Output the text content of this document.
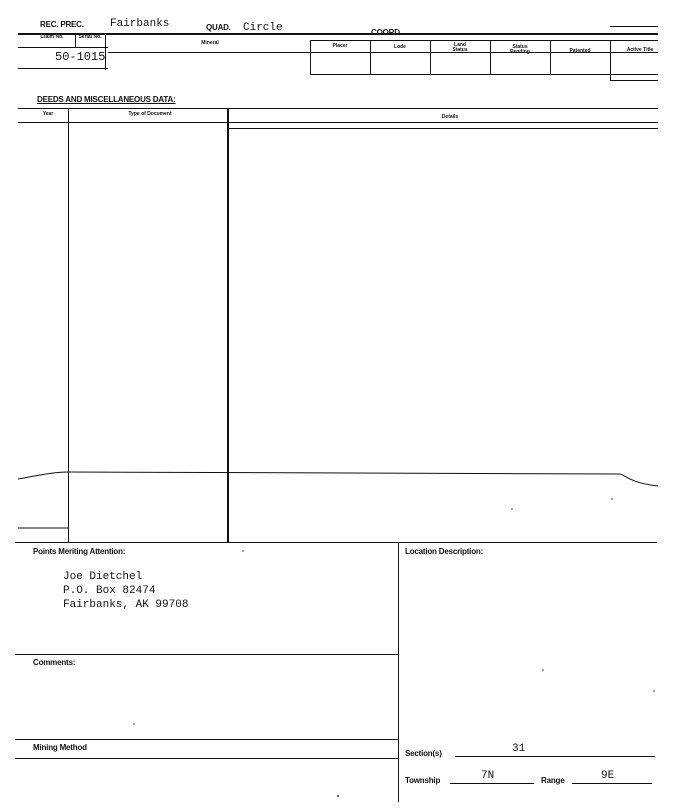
REC. PREC. Fairbanks	QUAD. Circle	COORD.
Claim No.	Serial No.
Mineral	Placer	Lode	Land Status	Status Pending	Patented	Active Title
50-1015
DEEDS AND MISCELLANEOUS DATA:
Year	Type of Document	Details
Points Meriting Attention:
Joe Dietchel
P.O. Box 82474
Fairbanks, AK 99708
Comments:
Mining Method
Location Description:
Section(s)	31
Township	7N	Range	9E
